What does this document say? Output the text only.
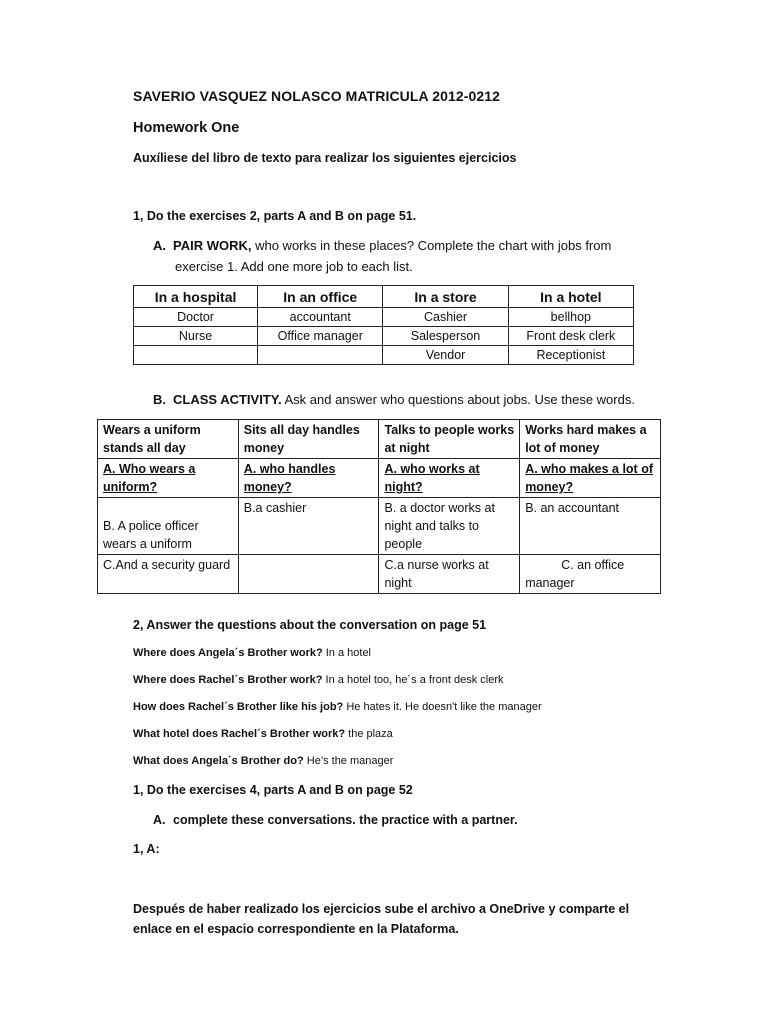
SAVERIO VASQUEZ NOLASCO MATRICULA 2012-0212
Homework One
Auxíliese del libro de texto para realizar los siguientes ejercicios
1, Do the exercises 2, parts A and B on page 51.
A. PAIR WORK, who works in these places? Complete the chart with jobs from
exercise 1. Add one more job to each list.
In a hospital	In an office	In a store	In a hotel
Doctor	accountant	Cashier	bellhop
Nurse	Office manager	Salesperson	Front desk clerk
		Vendor	Receptionist
B. CLASS ACTIVITY. Ask and answer who questions about jobs. Use these words.
Wears a uniform stands all day	Sits all day handles money	Talks to people works at night	Works hard makes a lot of money
A. Who wears a uniform?	A. who handles money?	A. who works at night?	A. who makes a lot of money?
B. A police officer wears a uniform	B.a cashier	B. a doctor works at night and talks to people	B. an accountant
C.And a security guard		C.a nurse works at night	C. an office manager
2, Answer the questions about the conversation on page 51
Where does Angela´s Brother work? In a hotel
Where does Rachel´s Brother work? In a hotel too, he´s a front desk clerk
How does Rachel´s Brother like his job? He hates it. He doesn't like the manager
What hotel does Rachel´s Brother work? the plaza
What does Angela´s Brother do? He’s the manager
1, Do the exercises 4, parts A and B on page 52
A. complete these conversations. the practice with a partner.
1, A:
Después de haber realizado los ejercicios sube el archivo a OneDrive y comparte el
enlace en el espacio correspondiente en la Plataforma.
